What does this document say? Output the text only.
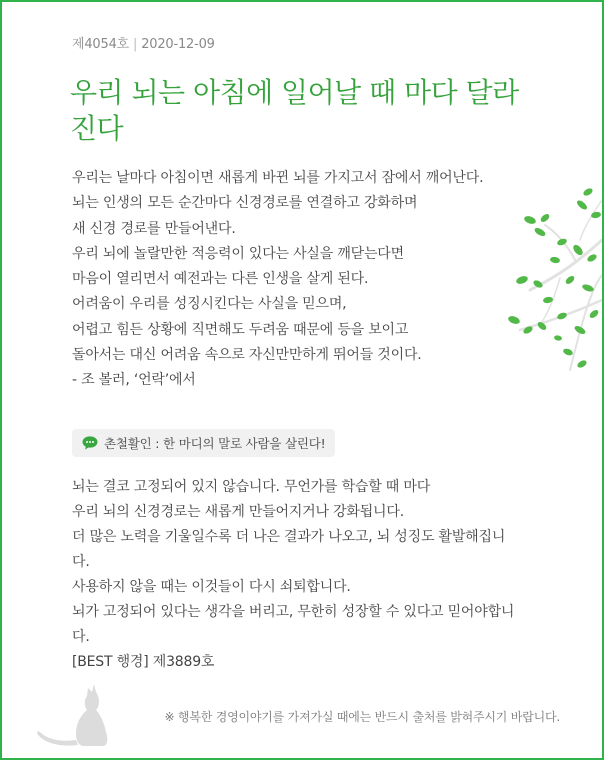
제4054호 | 2020-12-09
우리 뇌는 아침에 일어날 때 마다 달라진다
우리는 날마다 아침이면 새롭게 바뀐 뇌를 가지고서 잠에서 깨어난다.
뇌는 인생의 모든 순간마다 신경경로를 연결하고 강화하며
새 신경 경로를 만들어낸다.
우리 뇌에 놀랄만한 적응력이 있다는 사실을 깨닫는다면
마음이 열리면서 예전과는 다른 인생을 살게 된다.
어려움이 우리를 성징시킨다는 사실을 믿으며,
어렵고 힘든 상황에 직면해도 두려움 때문에 등을 보이고
돌아서는 대신 어려움 속으로 자신만만하게 뛰어들 것이다.
- 조 볼러, ‘언락’에서
촌철활인 : 한 마디의 말로 사람을 살린다!
뇌는 결코 고정되어 있지 않습니다. 무언가를 학습할 때 마다
우리 뇌의 신경경로는 새롭게 만들어지거나 강화됩니다.
더 많은 노력을 기울일수록 더 나은 결과가 나오고, 뇌 성징도 활발해집니다.
사용하지 않을 때는 이것들이 다시 쇠퇴합니다.
뇌가 고정되어 있다는 생각을 버리고, 무한히 성장할 수 있다고 믿어야합니다.
[BEST 행경] 제3889호
※ 행복한 경영이야기를 가져가실 때에는 반드시 출처를 밝혀주시기 바랍니다.
